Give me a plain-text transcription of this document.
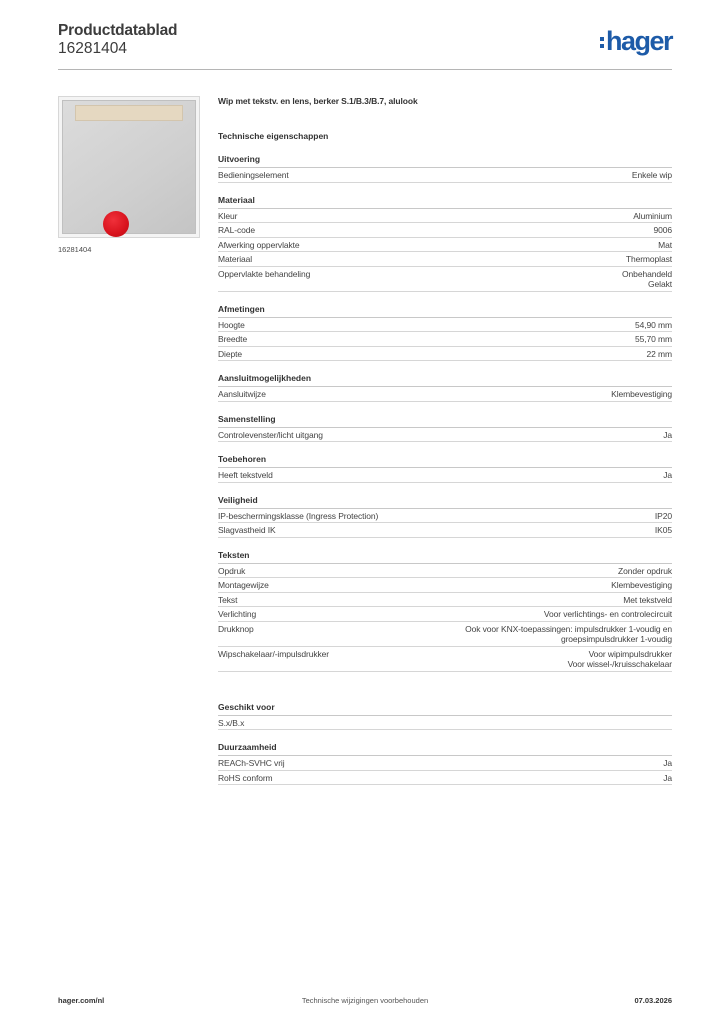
Productdatablad
16281404	hager
16281404
Wip met tekstv. en lens, berker S.1/B.3/B.7, alulook
Technische eigenschappen
Uitvoering
Bedieningselement	Enkele wip
Materiaal
Kleur	Aluminium
RAL-code	9006
Afwerking oppervlakte	Mat
Materiaal	Thermoplast
Oppervlakte behandeling	Onbehandeld
Gelakt
Afmetingen
Hoogte	54,90 mm
Breedte	55,70 mm
Diepte	22 mm
Aansluitmogelijkheden
Aansluitwijze	Klembevestiging
Samenstelling
Controlevenster/licht uitgang	Ja
Toebehoren
Heeft tekstveld	Ja
Veiligheid
IP-beschermingsklasse (Ingress Protection)	IP20
Slagvastheid IK	IK05
Teksten
Opdruk	Zonder opdruk
Montagewijze	Klembevestiging
Tekst	Met tekstveld
Verlichting	Voor verlichtings- en controlecircuit
Drukknop	Ook voor KNX-toepassingen: impulsdrukker 1-voudig en
groepsimpulsdrukker 1-voudig
Wipschakelaar/-impulsdrukker	Voor wipimpulsdrukker
Voor wissel-/kruisschakelaar
Geschikt voor
S.x/B.x
Duurzaamheid
REACh-SVHC vrij	Ja
RoHS conform	Ja
hager.com/nl	Technische wijzigingen voorbehouden	07.03.2026
